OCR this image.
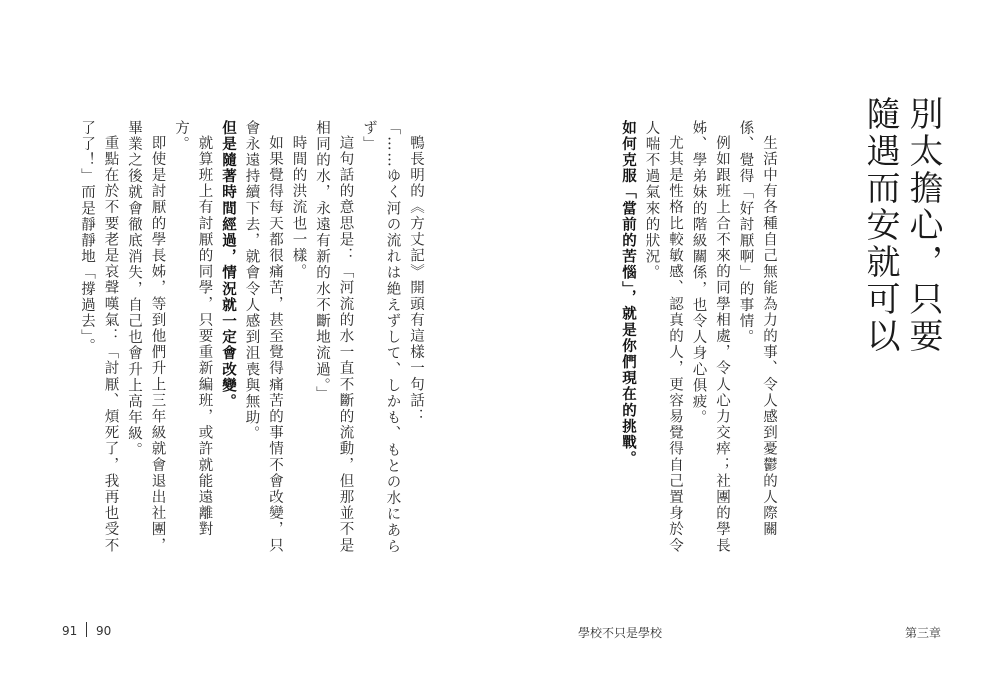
別太擔心，只要隨遇而安就可以

生活中有各種自己無能為力的事、令人感到憂鬱的人際關係、覺得「好討厭啊」的事情。

例如跟班上合不來的同學相處，令人心力交瘁；社團的學長姊、學弟妹的階級關係，也令人身心俱疲。

尤其是性格比較敏感、認真的人，更容易覺得自己置身於令人喘不過氣來的狀況。

如何克服「當前的苦惱」，就是你們現在的挑戰。

鴨長明的《方丈記》開頭有這樣一句話：

「……ゆく河の流れは絶えずして、しかも、もとの水にあらず」

這句話的意思是：「河流的水一直不斷的流動，但那並不是相同的水，永遠有新的水不斷地流過。」

時間的洪流也一樣。

如果覺得每天都很痛苦，甚至覺得痛苦的事情不會改變，只會永遠持續下去，就會令人感到沮喪與無助。

但是隨著時間經過，情況就一定會改變。

就算班上有討厭的同學，只要重新編班，或許就能遠離對方。

即使是討厭的學長姊，等到他們升上三年級就會退出社團，畢業之後就會徹底消失，自己也會升上高年級。

重點在於不要老是哀聲嘆氣：「討厭、煩死了，我再也受不了了！」而是靜靜地「撐過去」。

91 90	學校不只是學校	第三章
